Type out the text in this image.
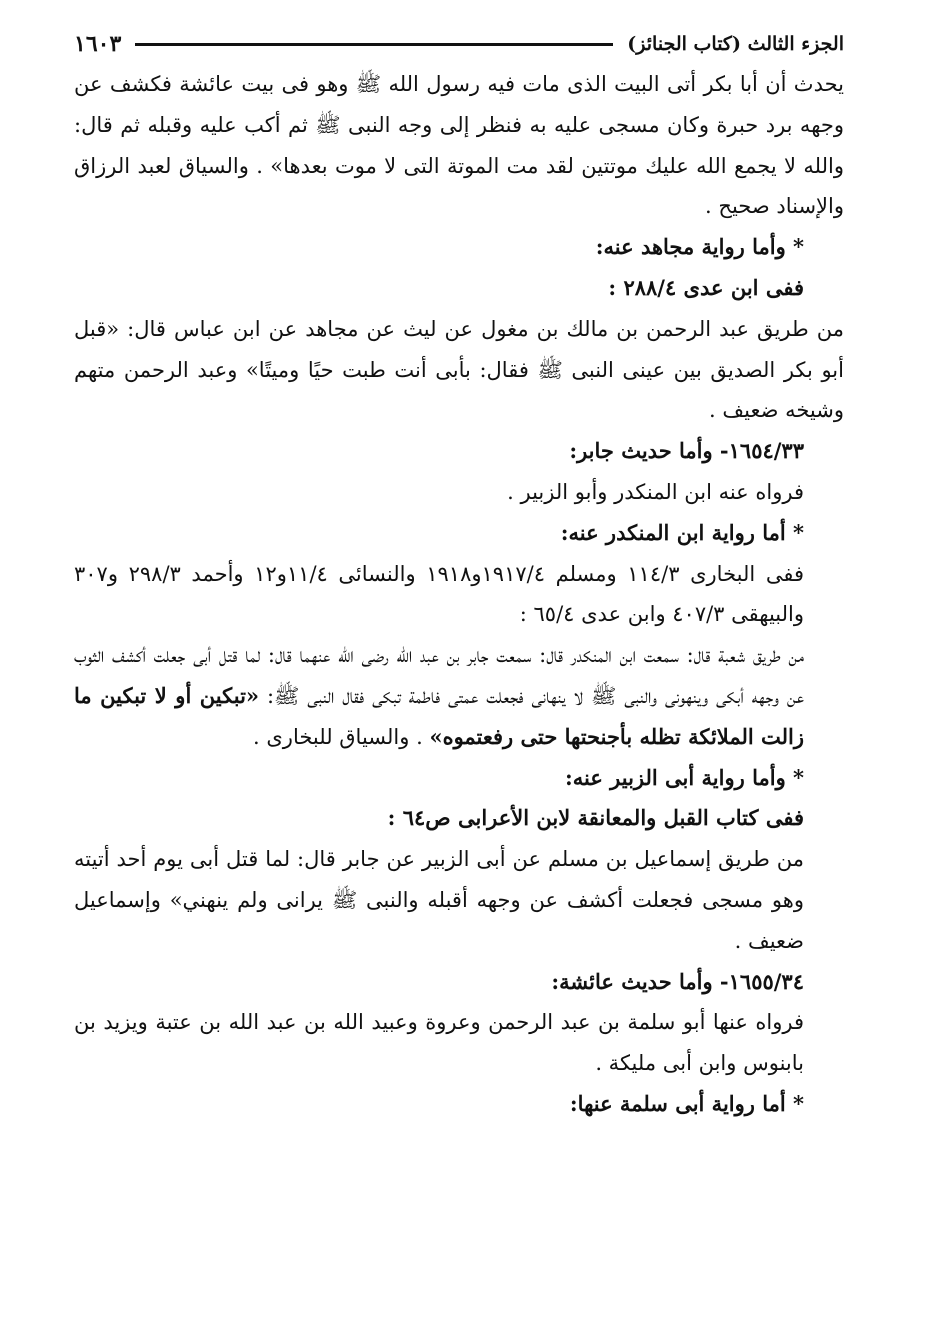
الجزء الثالث (كتاب الجنائز)
١٦٠٣

يحدث أن أبا بكر أتى البيت الذى مات فيه رسول الله ﷺ وهو فى بيت عائشة فكشف عن وجهه برد حبرة وكان مسجى عليه به فنظر إلى وجه النبى ﷺ ثم أكب عليه وقبله ثم قال: والله لا يجمع الله عليك موتتين لقد مت الموتة التى لا موت بعدها» . والسياق لعبد الرزاق والإسناد صحيح .

* وأما رواية مجاهد عنه:

ففى ابن عدى ٢٨٨/٤ :

من طريق عبد الرحمن بن مالك بن مغول عن ليث عن مجاهد عن ابن عباس قال: «قبل أبو بكر الصديق بين عينى النبى ﷺ فقال: بأبى أنت طبت حيًا وميتًا» وعبد الرحمن متهم وشيخه ضعيف .

١٦٥٤/٣٣- وأما حديث جابر:

فرواه عنه ابن المنكدر وأبو الزبير .

* أما رواية ابن المنكدر عنه:

ففى البخارى ١١٤/٣ ومسلم ١٩١٧/٤و١٩١٨ والنسائى ١١/٤و١٢ وأحمد ٢٩٨/٣ و٣٠٧ والبيهقى ٤٠٧/٣ وابن عدى ٦٥/٤ :

من طريق شعبة قال: سمعت ابن المنكدر قال: سمعت جابر بن عبد الله رضى الله عنهما قال: لما قتل أبى جعلت أكشف الثوب عن وجهه أبكى وينهونى والنبى ﷺ لا ينهانى فجعلت عمتى فاطمة تبكى فقال النبى ﷺ: «تبكين أو لا تبكين ما زالت الملائكة تظله بأجنحتها حتى رفعتموه» . والسياق للبخارى .

* وأما رواية أبى الزبير عنه:

ففى كتاب القبل والمعانقة لابن الأعرابى ص٦٤ :

من طريق إسماعيل بن مسلم عن أبى الزبير عن جابر قال: لما قتل أبى يوم أحد أتيته وهو مسجى فجعلت أكشف عن وجهه أقبله والنبى ﷺ يرانى ولم ينهني» وإسماعيل ضعيف .

١٦٥٥/٣٤- وأما حديث عائشة:

فرواه عنها أبو سلمة بن عبد الرحمن وعروة وعبيد الله بن عبد الله بن عتبة ويزيد بن بابنوس وابن أبى مليكة .

* أما رواية أبى سلمة عنها:
